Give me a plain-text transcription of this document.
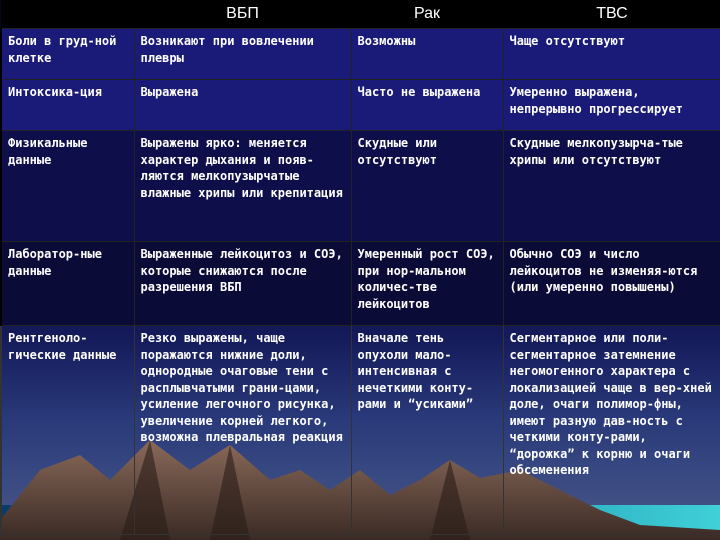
	ВБП	Рак	ТВС
Боли в груд-ной клетке	Возникают при вовлечении плевры	Возможны	Чаще отсутствуют
Интоксика-ция	Выражена	Часто не выражена	Умеренно выражена, непрерывно прогрессирует
Физикальные данные	Выражены ярко: меняется характер дыхания и появ-ляются мелкопузырчатые влажные хрипы или крепитация	Скудные или отсутствуют	Скудные мелкопузырча-тые хрипы или отсутствуют
Лаборатор-ные данные	Выраженные лейкоцитоз и СОЭ, которые снижаются после разрешения ВБП	Умеренный рост СОЭ, при нор-мальном количес-тве лейкоцитов	Обычно СОЭ и число лейкоцитов не изменяя-ются (или умеренно повышены)
Рентгеноло-гические данные	Резко выражены, чаще поражаются нижние доли, однородные очаговые тени с расплывчатыми грани-цами, усиление легочного рисунка, увеличение корней легкого, возможна плевральная реакция	Вначале тень опухоли мало-интенсивная с нечеткими конту-рами и “усиками”	Сегментарное или поли-сегментарное затемнение негомогенного характера с локализацией чаще в вер-хней доле, очаги полимор-фны, имеют разную дав-ность с четкими конту-рами, “дорожка” к корню и очаги обсеменения
